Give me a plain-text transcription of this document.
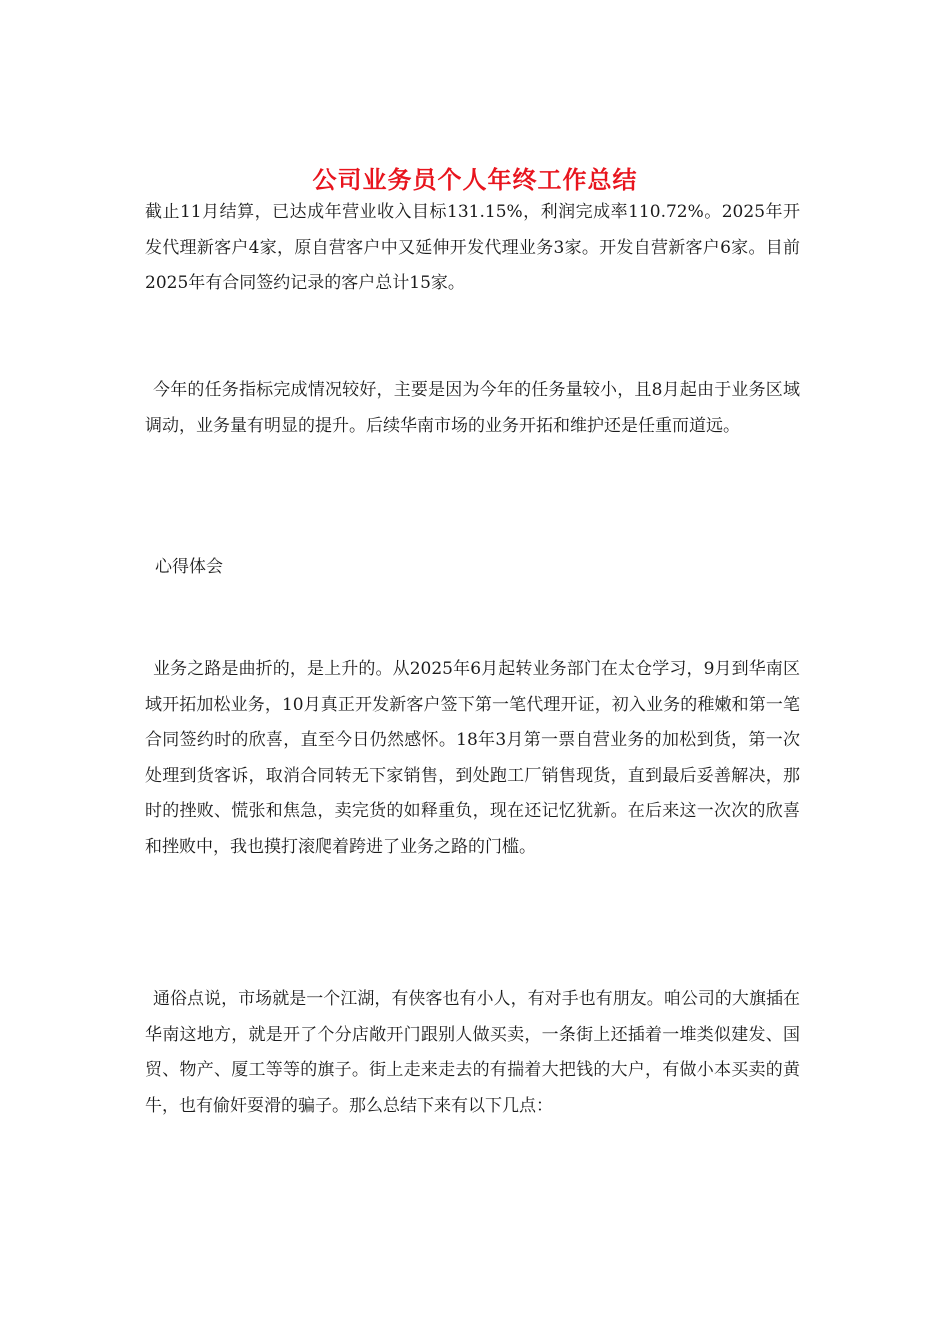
公司业务员个人年终工作总结

截止11月结算，已达成年营业收入目标131.15%，利润完成率110.72%。2025年开发代理新客户4家，原自营客户中又延伸开发代理业务3家。开发自营新客户6家。目前2025年有合同签约记录的客户总计15家。

今年的任务指标完成情况较好，主要是因为今年的任务量较小，且8月起由于业务区域调动，业务量有明显的提升。后续华南市场的业务开拓和维护还是任重而道远。

心得体会

业务之路是曲折的，是上升的。从2025年6月起转业务部门在太仓学习，9月到华南区域开拓加松业务，10月真正开发新客户签下第一笔代理开证，初入业务的稚嫩和第一笔合同签约时的欣喜，直至今日仍然感怀。18年3月第一票自营业务的加松到货，第一次处理到货客诉，取消合同转无下家销售，到处跑工厂销售现货，直到最后妥善解决，那时的挫败、慌张和焦急，卖完货的如释重负，现在还记忆犹新。在后来这一次次的欣喜和挫败中，我也摸打滚爬着跨进了业务之路的门槛。

通俗点说，市场就是一个江湖，有侠客也有小人，有对手也有朋友。咱公司的大旗插在华南这地方，就是开了个分店敞开门跟别人做买卖，一条街上还插着一堆类似建发、国贸、物产、厦工等等的旗子。街上走来走去的有揣着大把钱的大户，有做小本买卖的黄牛，也有偷奸耍滑的骗子。那么总结下来有以下几点：
